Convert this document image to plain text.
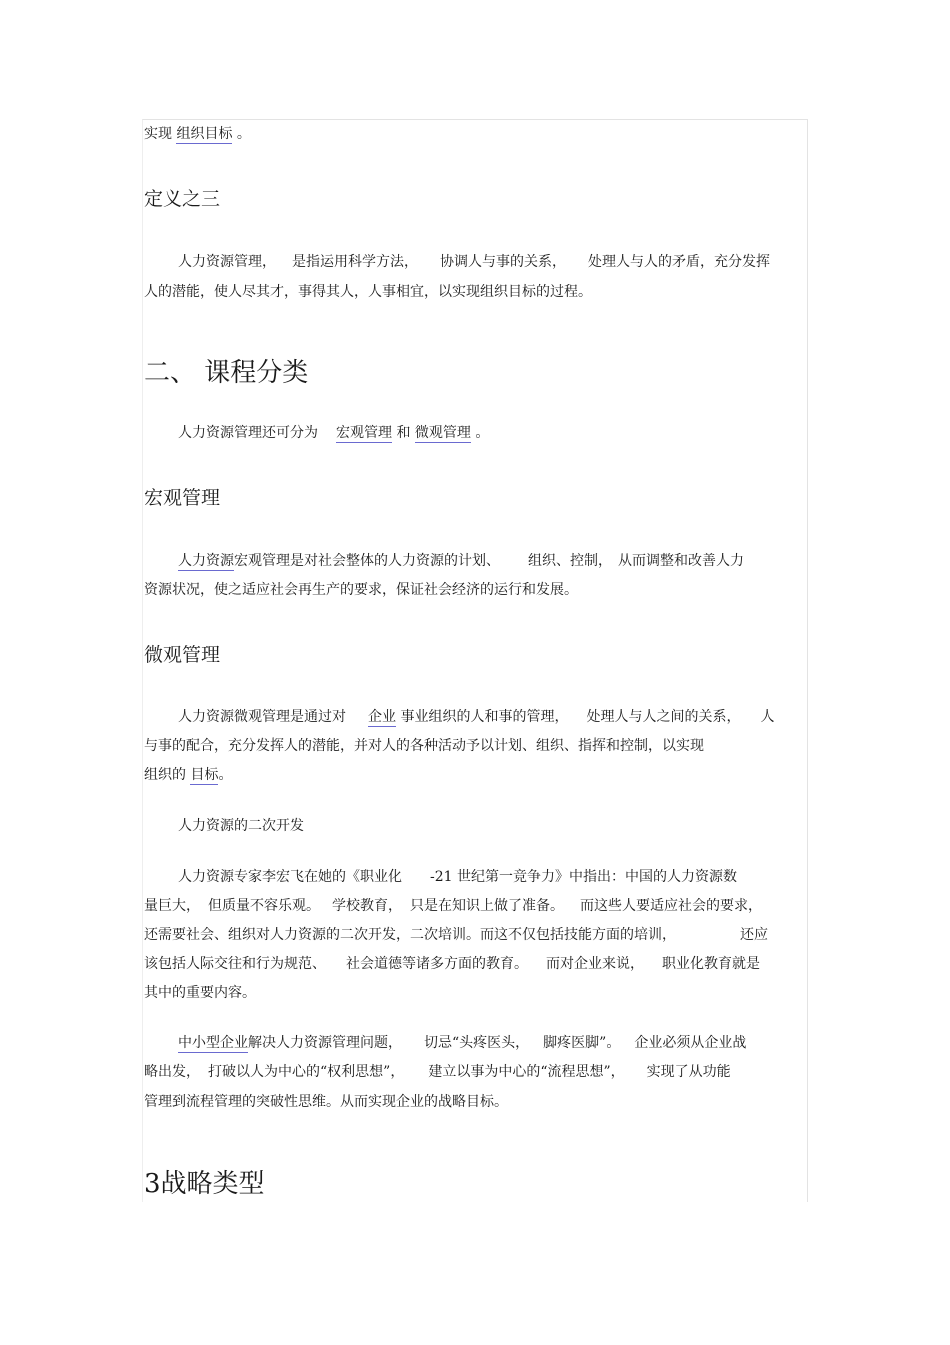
实现 组织目标 。
定义之三
人力资源管理， 是指运用科学方法， 协调人与事的关系， 处理人与人的矛盾，充分发挥
人的潜能，使人尽其才，事得其人，人事相宜，以实现组织目标的过程。
二、 课程分类
人力资源管理还可分为 宏观管理 和 微观管理 。
宏观管理
人力资源宏观管理是对社会整体的人力资源的计划、 组织、控制， 从而调整和改善人力
资源状况，使之适应社会再生产的要求，保证社会经济的运行和发展。
微观管理
人力资源微观管理是通过对 企业 事业组织的人和事的管理， 处理人与人之间的关系， 人
与事的配合，充分发挥人的潜能，并对人的各种活动予以计划、组织、指挥和控制，以实现
组织的 目标。
人力资源的二次开发
人力资源专家李宏飞在她的《职业化 -21 世纪第一竞争力》中指出：中国的人力资源数
量巨大， 但质量不容乐观。 学校教育， 只是在知识上做了准备。 而这些人要适应社会的要求，
还需要社会、组织对人力资源的二次开发，二次培训。而这不仅包括技能方面的培训，	还应
该包括人际交往和行为规范、 社会道德等诸多方面的教育。 而对企业来说， 职业化教育就是
其中的重要内容。
中小型企业解决人力资源管理问题， 切忌“头疼医头， 脚疼医脚”。 企业必须从企业战
略出发， 打破以人为中心的“权利思想”， 建立以事为中心的“流程思想”， 实现了从功能
管理到流程管理的突破性思维。从而实现企业的战略目标。
3战略类型
